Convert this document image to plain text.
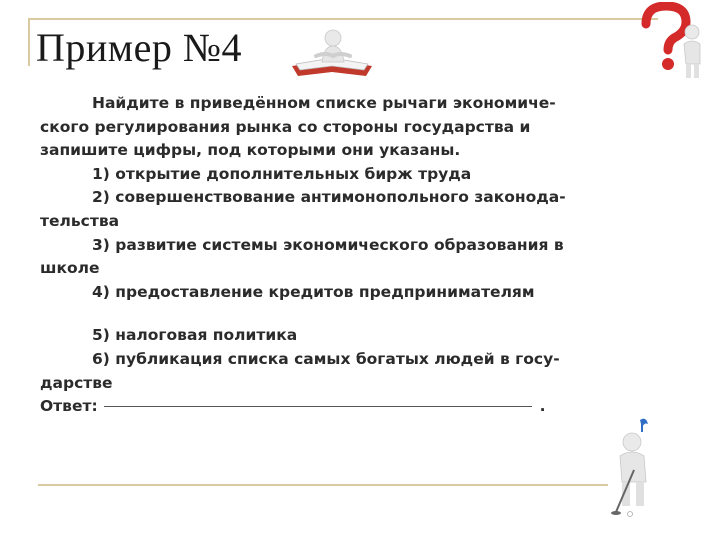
Пример №4
Найдите в приведённом списке рычаги экономиче-
ского регулирования рынка со стороны государства и
запишите цифры, под которыми они указаны.
1) открытие дополнительных бирж труда
2) совершенствование антимонопольного законода-
тельства
3) развитие системы экономического образования в
школе
4) предоставление кредитов предпринимателям
5) налоговая политика
6) публикация списка самых богатых людей в госу-
дарстве
Ответ:	.
